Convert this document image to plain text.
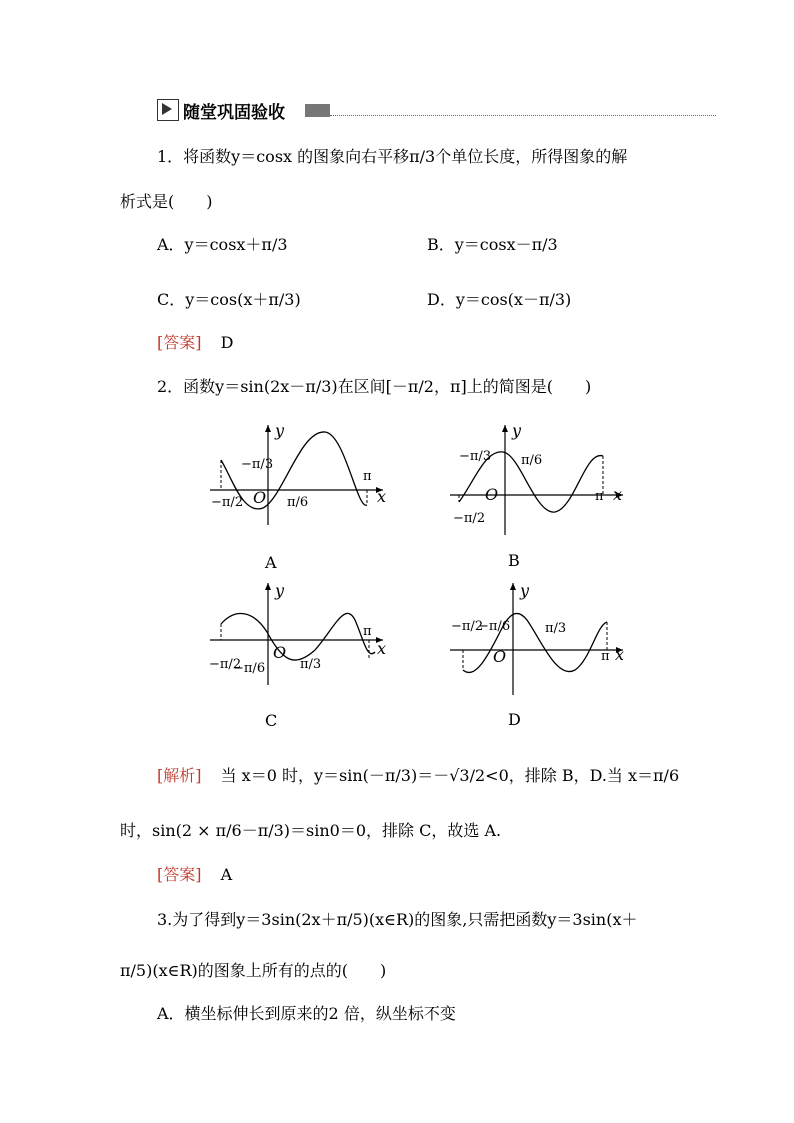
随堂巩固验收
1．将函数y＝cosx 的图象向右平移π/3个单位长度，所得图象的解
析式是(　　)
A．y＝cosx＋π/3	B．y＝cosx－π/3
C．y＝cos(x＋π/3)	D．y＝cos(x－π/3)
[答案] D
2．函数y＝sin(2x－π/3)在区间[－π/2，π]上的简图是(　　)
y
x
O
−π/3
−π/2	π/6
π
A
y
x
O
−π/3
−π/2
π/6
π
B
y
x
O
−π/2
−π/6	π/3
π
C
y
x
O
−π/2
−π/6	π/3
π
D
[解析] 当 x＝0 时，y＝sin(－π/3)＝－√3/2<0，排除 B，D.当 x＝π/6
时，sin(2 × π/6－π/3)＝sin0＝0，排除 C，故选 A.
[答案] A
3.为了得到y＝3sin(2x＋π/5)(x∈R)的图象,只需把函数y＝3sin(x＋
π/5)(x∈R)的图象上所有的点的(　　)
A．横坐标伸长到原来的2 倍，纵坐标不变
